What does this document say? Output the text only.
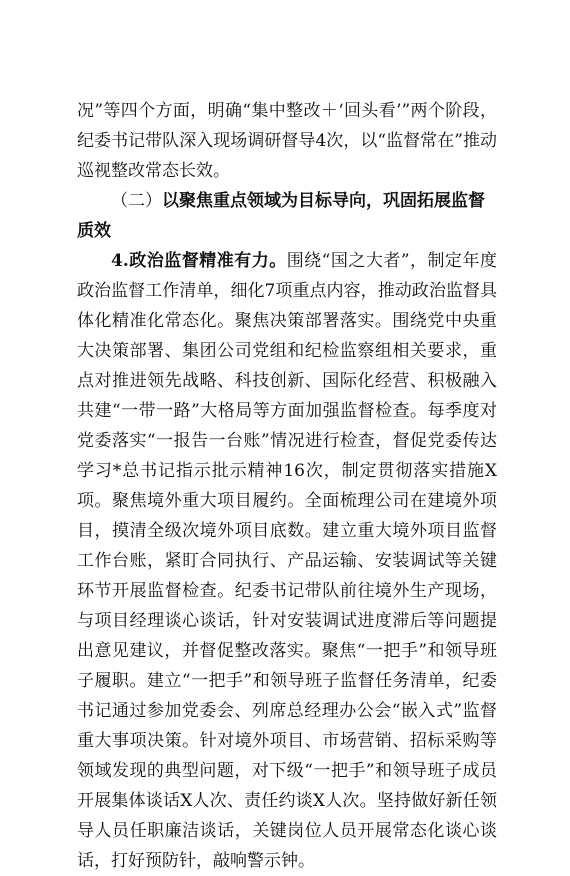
况”等四个方面，明确“集中整改＋‘回头看’”两个阶段，纪委书记带队深入现场调研督导4次，以“监督常在”推动巡视整改常态长效。

（二）以聚焦重点领域为目标导向，巩固拓展监督质效

4.政治监督精准有力。围绕“国之大者”，制定年度政治监督工作清单，细化7项重点内容，推动政治监督具体化精准化常态化。聚焦决策部署落实。围绕党中央重大决策部署、集团公司党组和纪检监察组相关要求，重点对推进领先战略、科技创新、国际化经营、积极融入共建“一带一路”大格局等方面加强监督检查。每季度对党委落实“一报告一台账”情况进行检查，督促党委传达学习*总书记指示批示精神16次，制定贯彻落实措施X项。聚焦境外重大项目履约。全面梳理公司在建境外项目，摸清全级次境外项目底数。建立重大境外项目监督工作台账，紧盯合同执行、产品运输、安装调试等关键环节开展监督检查。纪委书记带队前往境外生产现场，与项目经理谈心谈话，针对安装调试进度滞后等问题提出意见建议，并督促整改落实。聚焦“一把手”和领导班子履职。建立“一把手”和领导班子监督任务清单，纪委书记通过参加党委会、列席总经理办公会“嵌入式”监督重大事项决策。针对境外项目、市场营销、招标采购等领域发现的典型问题，对下级“一把手”和领导班子成员开展集体谈话X人次、责任约谈X人次。坚持做好新任领导人员任职廉洁谈话，关键岗位人员开展常态化谈心谈话，打好预防针，敲响警示钟。
